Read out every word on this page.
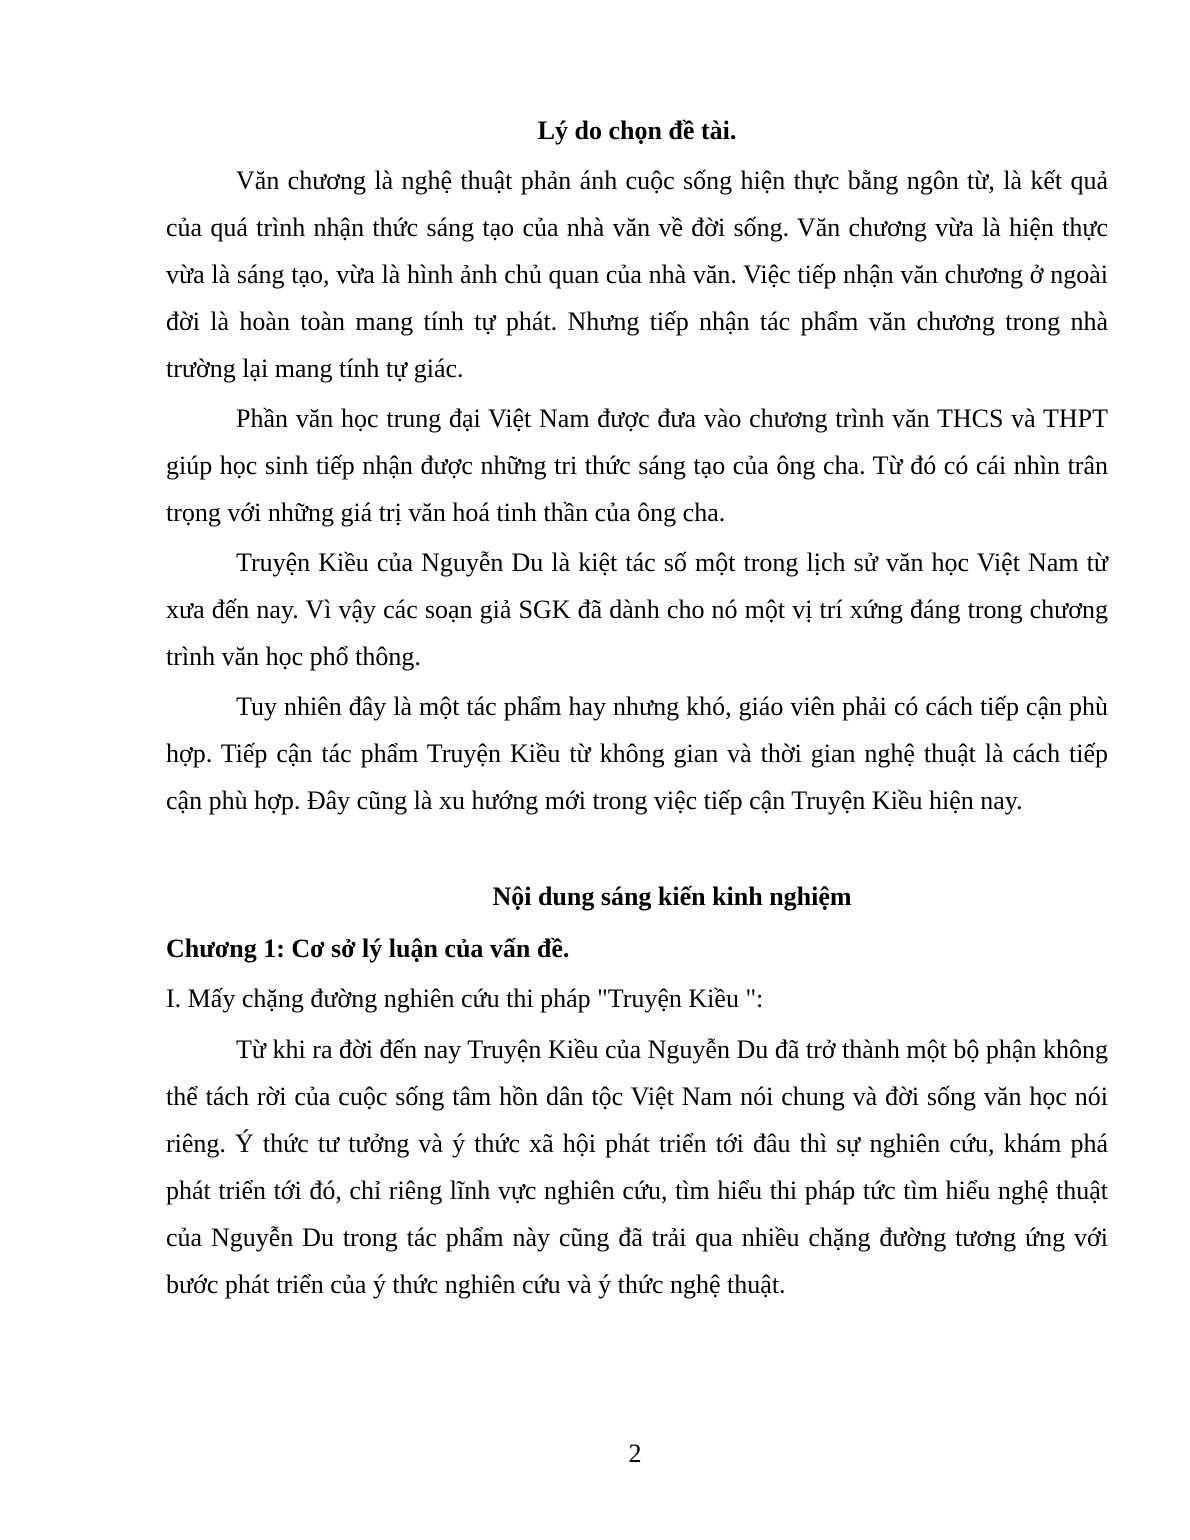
Lý do chọn đề tài.

Văn chương là nghệ thuật phản ánh cuộc sống hiện thực bằng ngôn từ, là kết quả của quá trình nhận thức sáng tạo của nhà văn về đời sống. Văn chương vừa là hiện thực vừa là sáng tạo, vừa là hình ảnh chủ quan của nhà văn. Việc tiếp nhận văn chương ở ngoài đời là hoàn toàn mang tính tự phát. Nhưng tiếp nhận tác phẩm văn chương trong nhà trường lại mang tính tự giác.

Phần văn học trung đại Việt Nam được đưa vào chương trình văn THCS và THPT giúp học sinh tiếp nhận được những tri thức sáng tạo của ông cha. Từ đó có cái nhìn trân trọng với những giá trị văn hoá tinh thần của ông cha.

Truyện Kiều của Nguyễn Du là kiệt tác số một trong lịch sử văn học Việt Nam từ xưa đến nay. Vì vậy các soạn giả SGK đã dành cho nó một vị trí xứng đáng trong chương trình văn học phổ thông.

Tuy nhiên đây là một tác phẩm hay nhưng khó, giáo viên phải có cách tiếp cận phù hợp. Tiếp cận tác phẩm Truyện Kiều từ không gian và thời gian nghệ thuật là cách tiếp cận phù hợp. Đây cũng là xu hướng mới trong việc tiếp cận Truyện Kiều hiện nay.

Nội dung sáng kiến kinh nghiệm
Chương 1: Cơ sở lý luận của vấn đề.

I. Mấy chặng đường nghiên cứu thi pháp "Truyện Kiều ":

Từ khi ra đời đến nay Truyện Kiều của Nguyễn Du đã trở thành một bộ phận không thể tách rời của cuộc sống tâm hồn dân tộc Việt Nam nói chung và đời sống văn học nói riêng. Ý thức tư tưởng và ý thức xã hội phát triển tới đâu thì sự nghiên cứu, khám phá phát triển tới đó, chỉ riêng lĩnh vực nghiên cứu, tìm hiểu thi pháp tức tìm hiểu nghệ thuật của Nguyễn Du trong tác phẩm này cũng đã trải qua nhiều chặng đường tương ứng với bước phát triển của ý thức nghiên cứu và ý thức nghệ thuật.

2
